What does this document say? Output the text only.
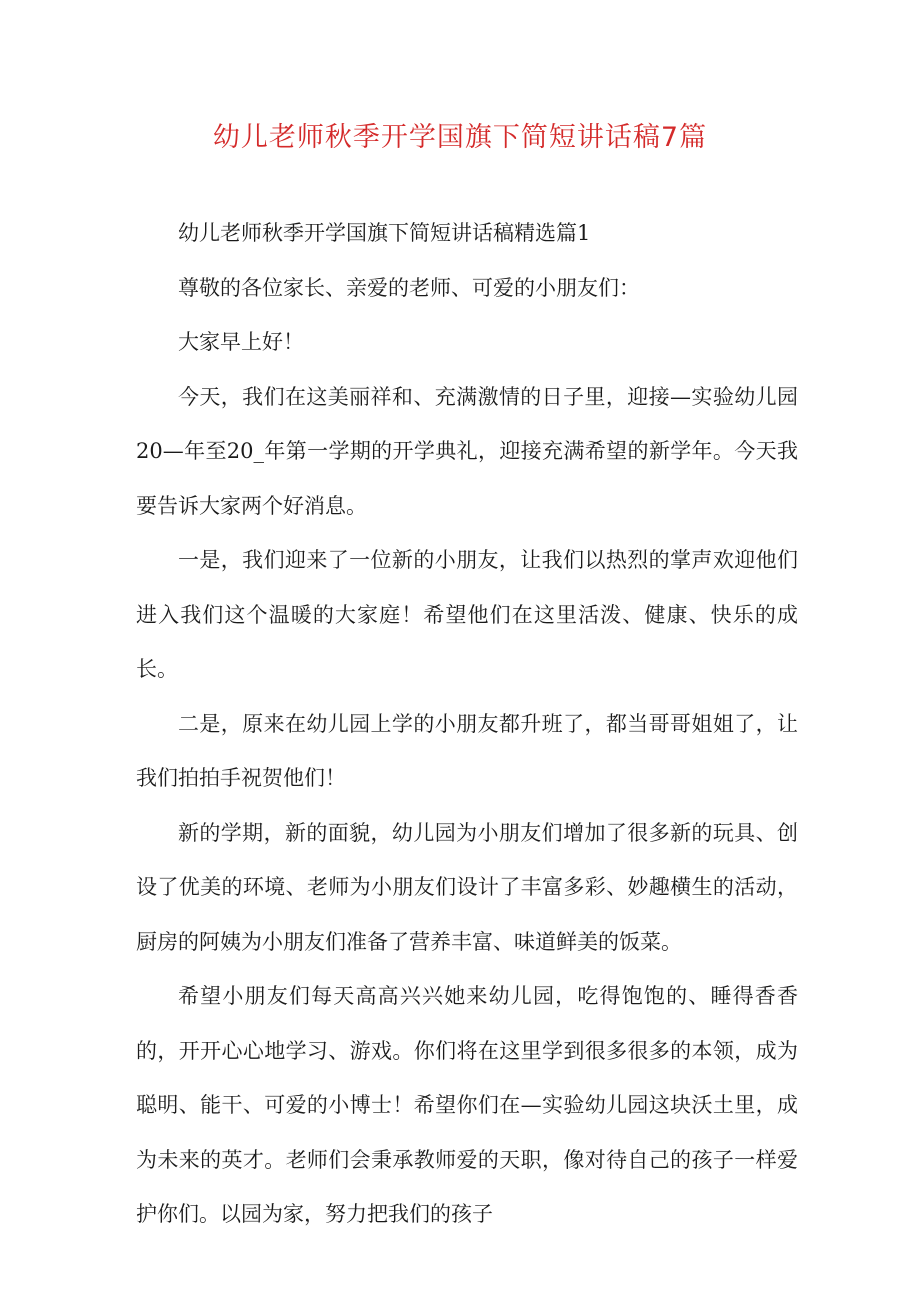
幼儿老师秋季开学国旗下简短讲话稿7篇

幼儿老师秋季开学国旗下简短讲话稿精选篇1

尊敬的各位家长、亲爱的老师、可爱的小朋友们：

大家早上好！

今天，我们在这美丽祥和、充满激情的日子里，迎接—实验幼儿园20—年至20_年第一学期的开学典礼，迎接充满希望的新学年。今天我要告诉大家两个好消息。

一是，我们迎来了一位新的小朋友，让我们以热烈的掌声欢迎他们进入我们这个温暖的大家庭！希望他们在这里活泼、健康、快乐的成长。

二是，原来在幼儿园上学的小朋友都升班了，都当哥哥姐姐了，让我们拍拍手祝贺他们！

新的学期，新的面貌，幼儿园为小朋友们增加了很多新的玩具、创设了优美的环境、老师为小朋友们设计了丰富多彩、妙趣横生的活动，厨房的阿姨为小朋友们准备了营养丰富、味道鲜美的饭菜。

希望小朋友们每天高高兴兴她来幼儿园，吃得饱饱的、睡得香香的，开开心心地学习、游戏。你们将在这里学到很多很多的本领，成为聪明、能干、可爱的小博士！希望你们在—实验幼儿园这块沃土里，成为未来的英才。老师们会秉承教师爱的天职，像对待自己的孩子一样爱护你们。以园为家，努力把我们的孩子
